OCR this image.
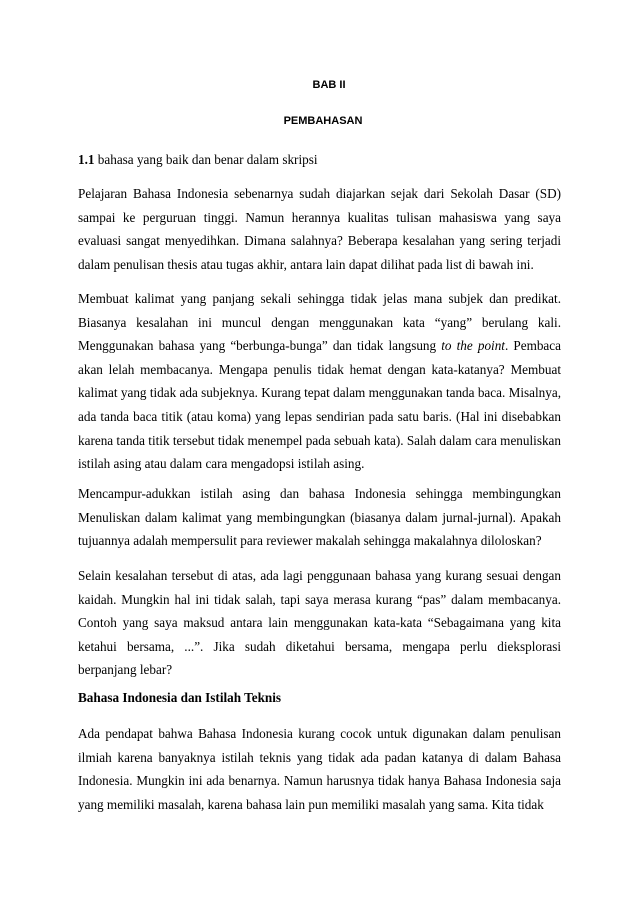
BAB II
PEMBAHASAN
1.1 bahasa yang baik dan benar dalam skripsi

Pelajaran Bahasa Indonesia sebenarnya sudah diajarkan sejak dari Sekolah Dasar (SD) sampai ke perguruan tinggi. Namun herannya kualitas tulisan mahasiswa yang saya evaluasi sangat menyedihkan. Dimana salahnya? Beberapa kesalahan yang sering terjadi dalam penulisan thesis atau tugas akhir, antara lain dapat dilihat pada list di bawah ini.

Membuat kalimat yang panjang sekali sehingga tidak jelas mana subjek dan predikat. Biasanya kesalahan ini muncul dengan menggunakan kata “yang” berulang kali. Menggunakan bahasa yang “berbunga-bunga” dan tidak langsung to the point. Pembaca akan lelah membacanya. Mengapa penulis tidak hemat dengan kata-katanya? Membuat kalimat yang tidak ada subjeknya. Kurang tepat dalam menggunakan tanda baca. Misalnya, ada tanda baca titik (atau koma) yang lepas sendirian pada satu baris. (Hal ini disebabkan karena tanda titik tersebut tidak menempel pada sebuah kata). Salah dalam cara menuliskan istilah asing atau dalam cara mengadopsi istilah asing.

Mencampur-adukkan istilah asing dan bahasa Indonesia sehingga membingungkan Menuliskan dalam kalimat yang membingungkan (biasanya dalam jurnal-jurnal). Apakah tujuannya adalah mempersulit para reviewer makalah sehingga makalahnya diloloskan?

Selain kesalahan tersebut di atas, ada lagi penggunaan bahasa yang kurang sesuai dengan kaidah. Mungkin hal ini tidak salah, tapi saya merasa kurang “pas” dalam membacanya. Contoh yang saya maksud antara lain menggunakan kata-kata “Sebagaimana yang kita ketahui bersama, ...”. Jika sudah diketahui bersama, mengapa perlu dieksplorasi berpanjang lebar?

Bahasa Indonesia dan Istilah Teknis

Ada pendapat bahwa Bahasa Indonesia kurang cocok untuk digunakan dalam penulisan ilmiah karena banyaknya istilah teknis yang tidak ada padan katanya di dalam Bahasa Indonesia. Mungkin ini ada benarnya. Namun harusnya tidak hanya Bahasa Indonesia saja yang memiliki masalah, karena bahasa lain pun memiliki masalah yang sama. Kita tidak
